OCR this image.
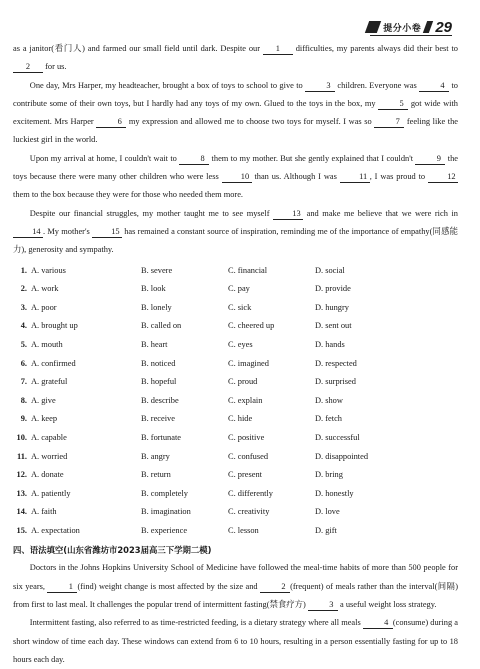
提分小卷 29

as a janitor(看门人) and farmed our small field until dark. Despite our 1 difficulties, my parents always did their best to 2 for us.

One day, Mrs Harper, my headteacher, brought a box of toys to school to give to	3 children. Everyone was	4 to contribute some of their own toys, but I hardly had any toys of my own. Glued to the toys in the box, my	5 got wide with excitement. Mrs Harper	6 my expression and allowed me to choose two toys for myself. I was so	7 feeling like the luckiest girl in the world.

Upon my arrival at home, I couldn't wait to	8 them to my mother. But she gently explained that I couldn't	9 the toys because there were many other children who were less 10 than us. Although I was 11 , I was proud to 12 them to the box because they were for those who needed them more.

Despite our financial struggles, my mother taught me to see myself 13 and make me believe that we were rich in 14 . My mother's 15 has remained a constant source of inspiration, reminding me of the importance of empathy(同感能力), generosity and sympathy.

1. A. various	B. severe	C. financial	D. social
2. A. work	B. look	C. pay	D. provide
3. A. poor	B. lonely	C. sick	D. hungry
4. A. brought up	B. called on	C. cheered up	D. sent out
5. A. mouth	B. heart	C. eyes	D. hands
6. A. confirmed	B. noticed	C. imagined	D. respected
7. A. grateful	B. hopeful	C. proud	D. surprised
8. A. give	B. describe	C. explain	D. show
9. A. keep	B. receive	C. hide	D. fetch
10. A. capable	B. fortunate	C. positive	D. successful
11. A. worried	B. angry	C. confused	D. disappointed
12. A. donate	B. return	C. present	D. bring
13. A. patiently	B. completely	C. differently	D. honestly
14. A. faith	B. imagination	C. creativity	D. love
15. A. expectation	B. experience	C. lesson	D. gift
四、语法填空(山东省潍坊市2023届高三下学期二模)

Doctors in the Johns Hopkins University School of Medicine have followed the meal-time habits of more than 500 people for six years,	1 (find) weight change is most affected by the size and	2 (frequent) of meals rather than the interval(间隔) from first to last meal. It challenges the popular trend of intermittent fasting(禁食疗方)	3 a useful weight loss strategy.

Intermittent fasting, also referred to as time-restricted feeding, is a dietary strategy where all meals	4 (consume) during a short window of time each day. These windows can extend from 6 to 10 hours, resulting in a person essentially fasting for up to 18 hours each day.
